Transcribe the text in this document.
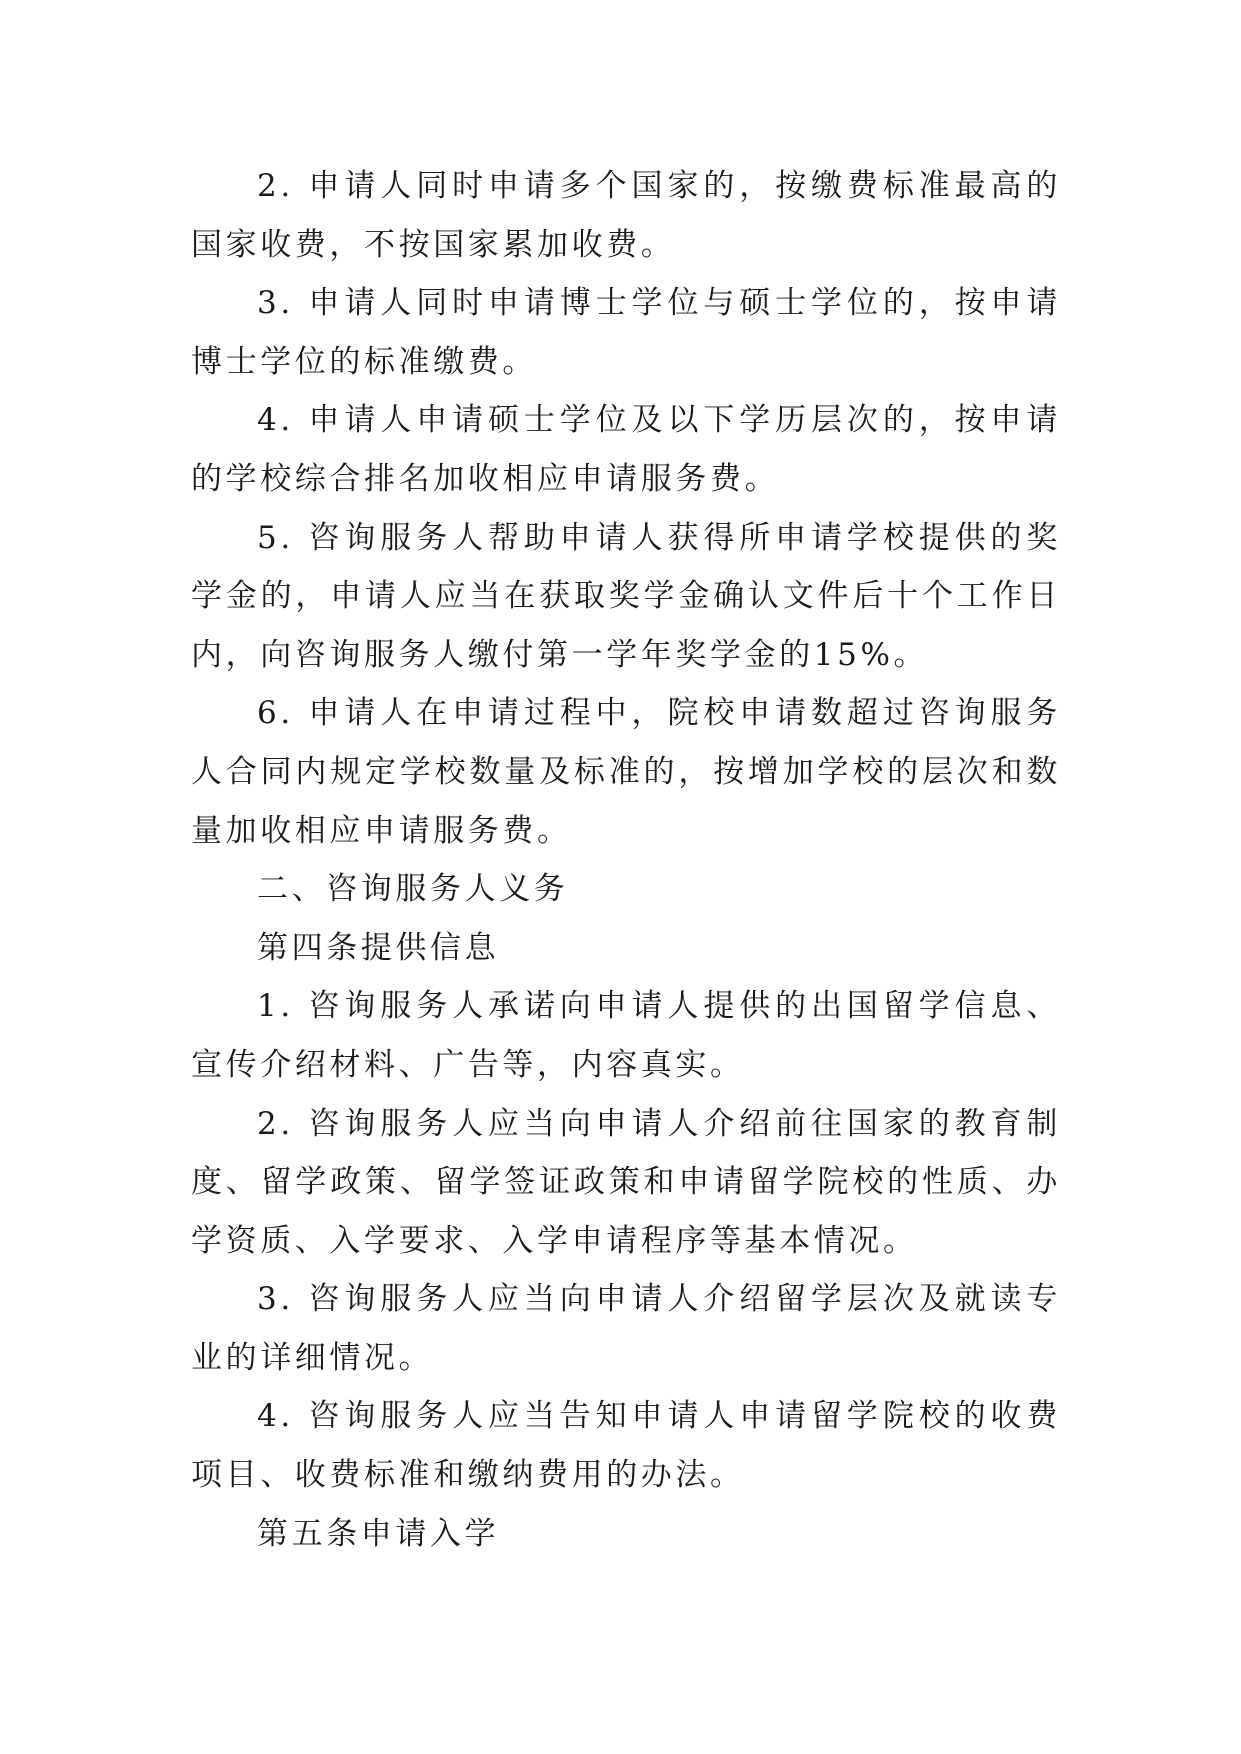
2. 申请人同时申请多个国家的，按缴费标准最高的国家收费，不按国家累加收费。

3. 申请人同时申请博士学位与硕士学位的，按申请博士学位的标准缴费。

4. 申请人申请硕士学位及以下学历层次的，按申请的学校综合排名加收相应申请服务费。

5. 咨询服务人帮助申请人获得所申请学校提供的奖学金的，申请人应当在获取奖学金确认文件后十个工作日内，向咨询服务人缴付第一学年奖学金的15%。

6. 申请人在申请过程中，院校申请数超过咨询服务人合同内规定学校数量及标准的，按增加学校的层次和数量加收相应申请服务费。

二、咨询服务人义务

第四条提供信息

1. 咨询服务人承诺向申请人提供的出国留学信息、宣传介绍材料、广告等，内容真实。

2. 咨询服务人应当向申请人介绍前往国家的教育制度、留学政策、留学签证政策和申请留学院校的性质、办学资质、入学要求、入学申请程序等基本情况。

3. 咨询服务人应当向申请人介绍留学层次及就读专业的详细情况。

4. 咨询服务人应当告知申请人申请留学院校的收费项目、收费标准和缴纳费用的办法。

第五条申请入学
